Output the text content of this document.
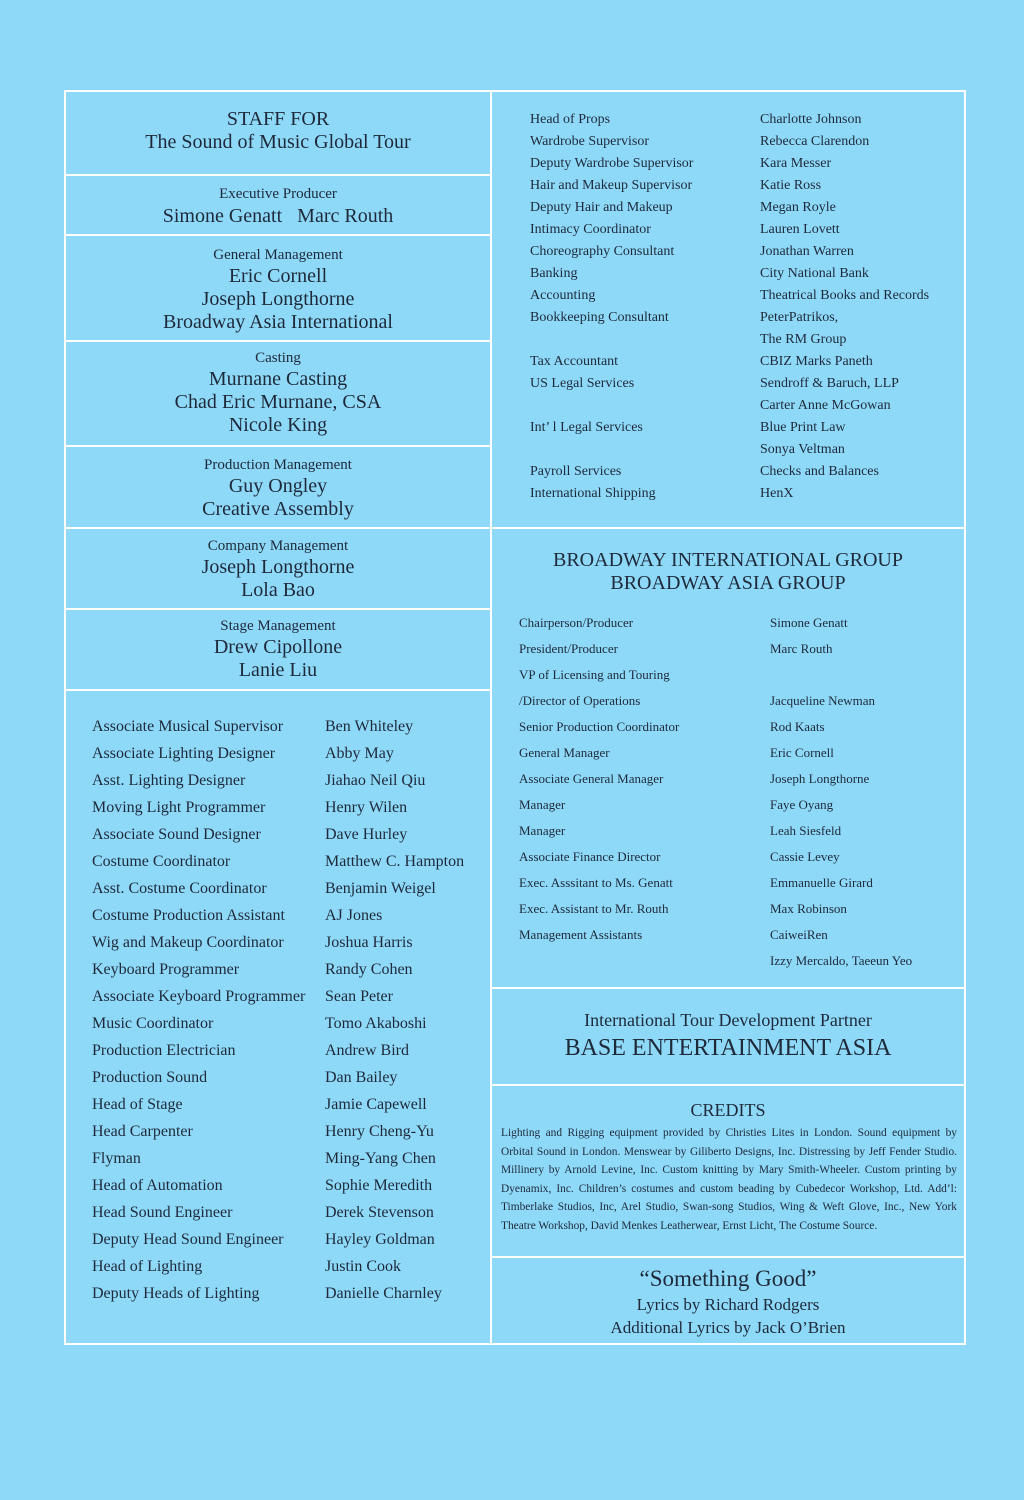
STAFF FOR
The Sound of Music Global Tour
Executive Producer
Simone Genatt   Marc Routh
General Management
Eric Cornell
Joseph Longthorne
Broadway Asia International
Casting
Murnane Casting
Chad Eric Murnane, CSA
Nicole King
Production Management
Guy Ongley
Creative Assembly
Company Management
Joseph Longthorne
Lola Bao
Stage Management
Drew Cipollone
Lanie Liu
Associate Musical Supervisor	Ben Whiteley
Associate Lighting Designer	Abby May
Asst. Lighting Designer	Jiahao Neil Qiu
Moving Light Programmer	Henry Wilen
Associate Sound Designer	Dave Hurley
Costume Coordinator	Matthew C. Hampton
Asst. Costume Coordinator	Benjamin Weigel
Costume Production Assistant	AJ Jones
Wig and Makeup Coordinator	Joshua Harris
Keyboard Programmer	Randy Cohen
Associate Keyboard Programmer Sean Peter
Music Coordinator	Tomo Akaboshi
Production Electrician	Andrew Bird
Production Sound	Dan Bailey
Head of Stage	Jamie Capewell
Head Carpenter	Henry Cheng-Yu
Flyman	Ming-Yang Chen
Head of Automation	Sophie Meredith
Head Sound Engineer	Derek Stevenson
Deputy Head Sound Engineer	Hayley Goldman
Head of Lighting	Justin Cook
Deputy Heads of Lighting	Danielle Charnley
Head of Props	Charlotte Johnson
Wardrobe Supervisor	Rebecca Clarendon
Deputy Wardrobe Supervisor	Kara Messer
Hair and Makeup Supervisor	Katie Ross
Deputy Hair and Makeup	Megan Royle
Intimacy Coordinator	Lauren Lovett
Choreography Consultant	Jonathan Warren
Banking	City National Bank
Accounting	Theatrical Books and Records
Bookkeeping Consultant	PeterPatrikos,
The RM Group
Tax Accountant	CBIZ Marks Paneth
US Legal Services	Sendroff & Baruch, LLP
Carter Anne McGowan
Int’ l Legal Services	Blue Print Law
Sonya Veltman
Payroll Services	Checks and Balances
International Shipping	HenX
BROADWAY INTERNATIONAL GROUP
BROADWAY ASIA GROUP
Chairperson/Producer	Simone Genatt
President/Producer	Marc Routh
VP of Licensing and Touring
/Director of Operations	Jacqueline Newman
Senior Production Coordinator	Rod Kaats
General Manager	Eric Cornell
Associate General Manager	Joseph Longthorne
Manager	Faye Oyang
Manager	Leah Siesfeld
Associate Finance Director	Cassie Levey
Exec. Asssitant to Ms. Genatt	Emmanuelle Girard
Exec. Assistant to Mr. Routh	Max Robinson
Management Assistants	CaiweiRen
Izzy Mercaldo, Taeeun Yeo
International Tour Development Partner
BASE ENTERTAINMENT ASIA
CREDITS

Lighting and Rigging equipment provided by Christies Lites in London. Sound equipment by Orbital Sound in London. Menswear by Giliberto Designs, Inc. Distressing by Jeff Fender Studio. Millinery by Arnold Levine, Inc. Custom knitting by Mary Smith-Wheeler. Custom printing by Dyenamix, Inc. Children’s costumes and custom beading by Cubedecor Workshop, Ltd. Add’l: Timberlake Studios, Inc, Arel Studio, Swan-song Studios, Wing & Weft Glove, Inc., New York Theatre Workshop, David Menkes Leatherwear, Ernst Licht, The Costume Source.

“Something Good”
Lyrics by Richard Rodgers
Additional Lyrics by Jack O’Brien
